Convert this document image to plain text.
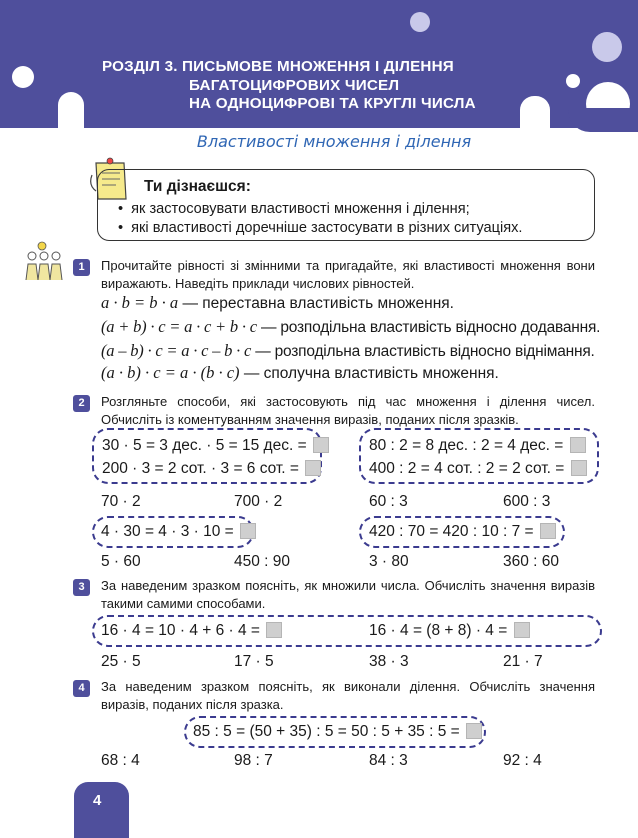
РОЗДІЛ 3. ПИСЬМОВЕ МНОЖЕННЯ І ДІЛЕННЯ
БАГАТОЦИФРОВИХ ЧИСЕЛ
НА ОДНОЦИФРОВІ ТА КРУГЛІ ЧИСЛА
Властивості множення і ділення
Ти дізнаєшся:
• як застосовувати властивості множення і ділення;
• які властивості доречніше застосувати в різних ситуаціях.
1	Прочитайте рівності зі змінними та пригадайте, які властивості множення вони виражають. Наведіть приклади числових рівностей.
a · b = b · a — переставна властивість множення.
(a + b) · c = a · c + b · c — розподільна властивість відносно додавання.
(a – b) · c = a · c – b · c — розподільна властивість відносно віднімання.
(a · b) · c = a · (b · c) — сполучна властивість множення.
2	Розгляньте способи, які застосовують під час множення і ділення чисел. Обчисліть із коментуванням значення виразів, поданих після зразків.
30 · 5 = 3 дес. · 5 = 15 дес. =
200 · 3 = 2 сот. · 3 = 6 сот. =
80 : 2 = 8 дес. : 2 = 4 дес. =
400 : 2 = 4 сот. : 2 = 2 сот. =
70 · 2	700 · 2	60 : 3	600 : 3
4 · 30 = 4 · 3 · 10 =	420 : 70 = 420 : 10 : 7 =
5 · 60	450 : 90	3 · 80	360 : 60
3	За наведеним зразком поясніть, як множили числа. Обчисліть значення виразів такими самими способами.
16 · 4 = 10 · 4 + 6 · 4 =	16 · 4 = (8 + 8) · 4 =
25 · 5	17 · 5	38 · 3	21 · 7
4	За наведеним зразком поясніть, як виконали ділення. Обчисліть значення виразів, поданих після зразка.
85 : 5 = (50 + 35) : 5 = 50 : 5 + 35 : 5 =
68 : 4	98 : 7	84 : 3	92 : 4
4
